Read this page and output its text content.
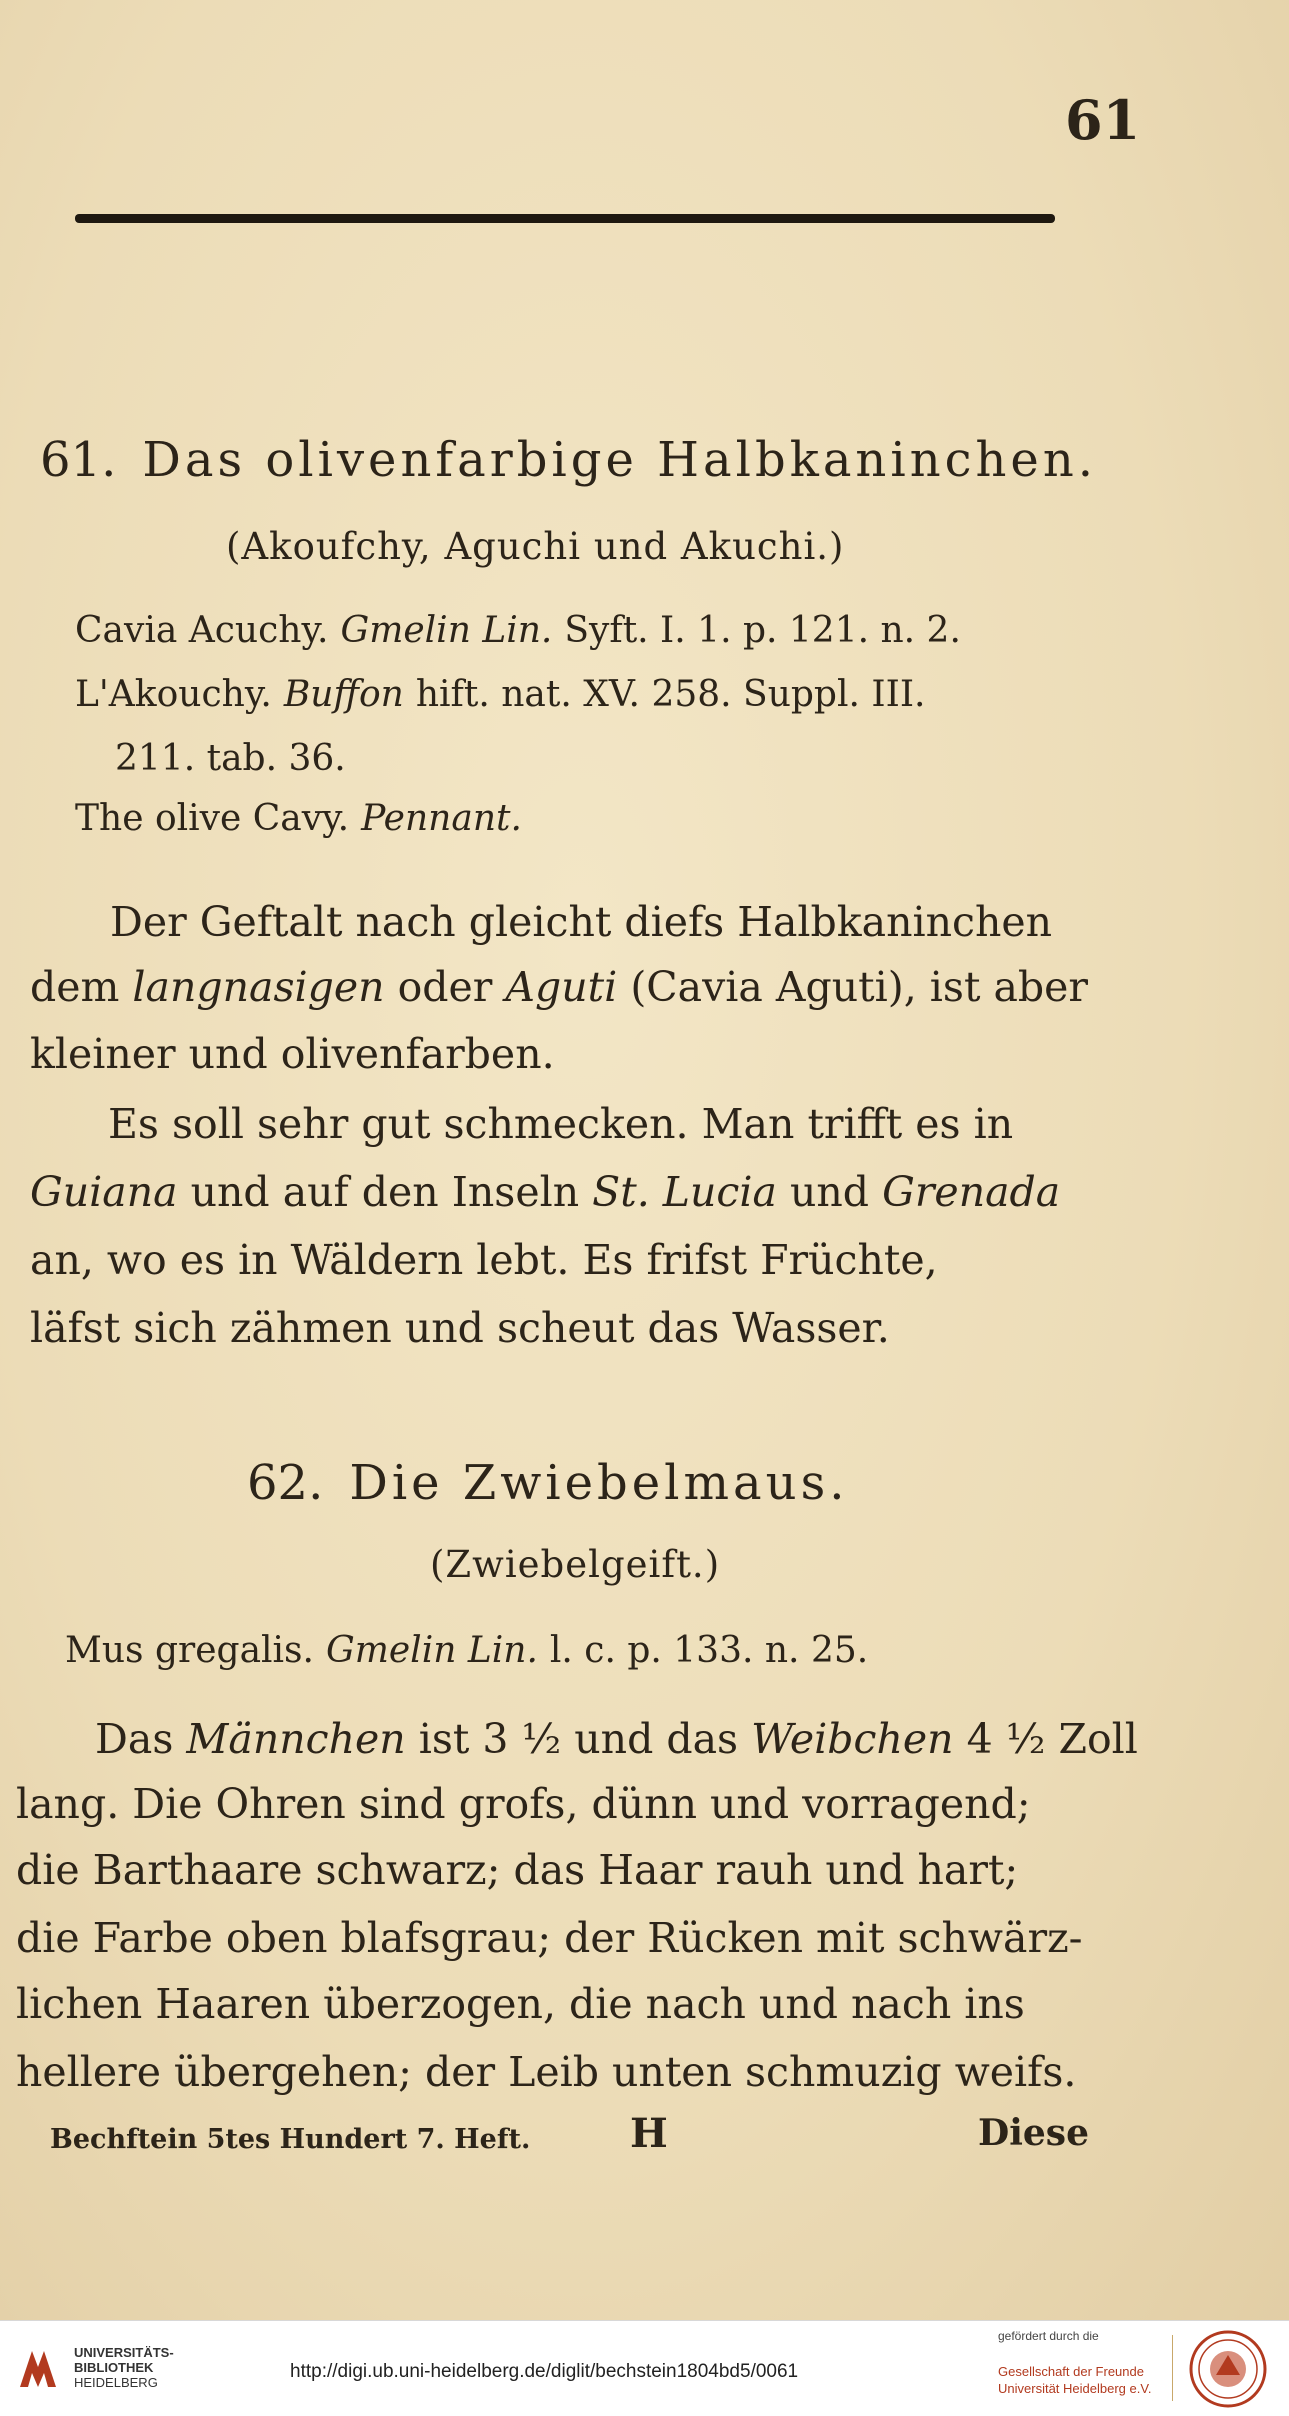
61
61. Das olivenfarbige Halbkaninchen.
(Akoufchy, Aguchi und Akuchi.)
Cavia Acuchy. Gmelin Lin. Syft. I. 1. p. 121. n. 2.
L'Akouchy. Buffon hift. nat. XV. 258. Suppl. III.
211. tab. 36.
The olive Cavy. Pennant.
Der Geftalt nach gleicht diefs Halbkaninchen
dem langnasigen oder Aguti (Cavia Aguti), ist aber
kleiner und olivenfarben.
Es soll sehr gut schmecken. Man trifft es in
Guiana und auf den Inseln St. Lucia und Grenada
an, wo es in Wäldern lebt. Es frifst Früchte,
läfst sich zähmen und scheut das Wasser.
62. Die Zwiebelmaus.
(Zwiebelgeift.)
Mus gregalis. Gmelin Lin. l. c. p. 133. n. 25.
Das Männchen ist 3 ½ und das Weibchen 4 ½ Zoll
lang. Die Ohren sind grofs, dünn und vorragend;
die Barthaare schwarz; das Haar rauh und hart;
die Farbe oben blafsgrau; der Rücken mit schwärz-
lichen Haaren überzogen, die nach und nach ins
hellere übergehen; der Leib unten schmuzig weifs.
Bechftein 5tes Hundert 7. Heft. H	Diese
UNIVERSITÄTS-
BIBLIOTHEK
HEIDELBERG
http://digi.ub.uni-heidelberg.de/diglit/bechstein1804bd5/0061
gefördert durch die
Gesellschaft der Freunde
Universität Heidelberg e.V.
